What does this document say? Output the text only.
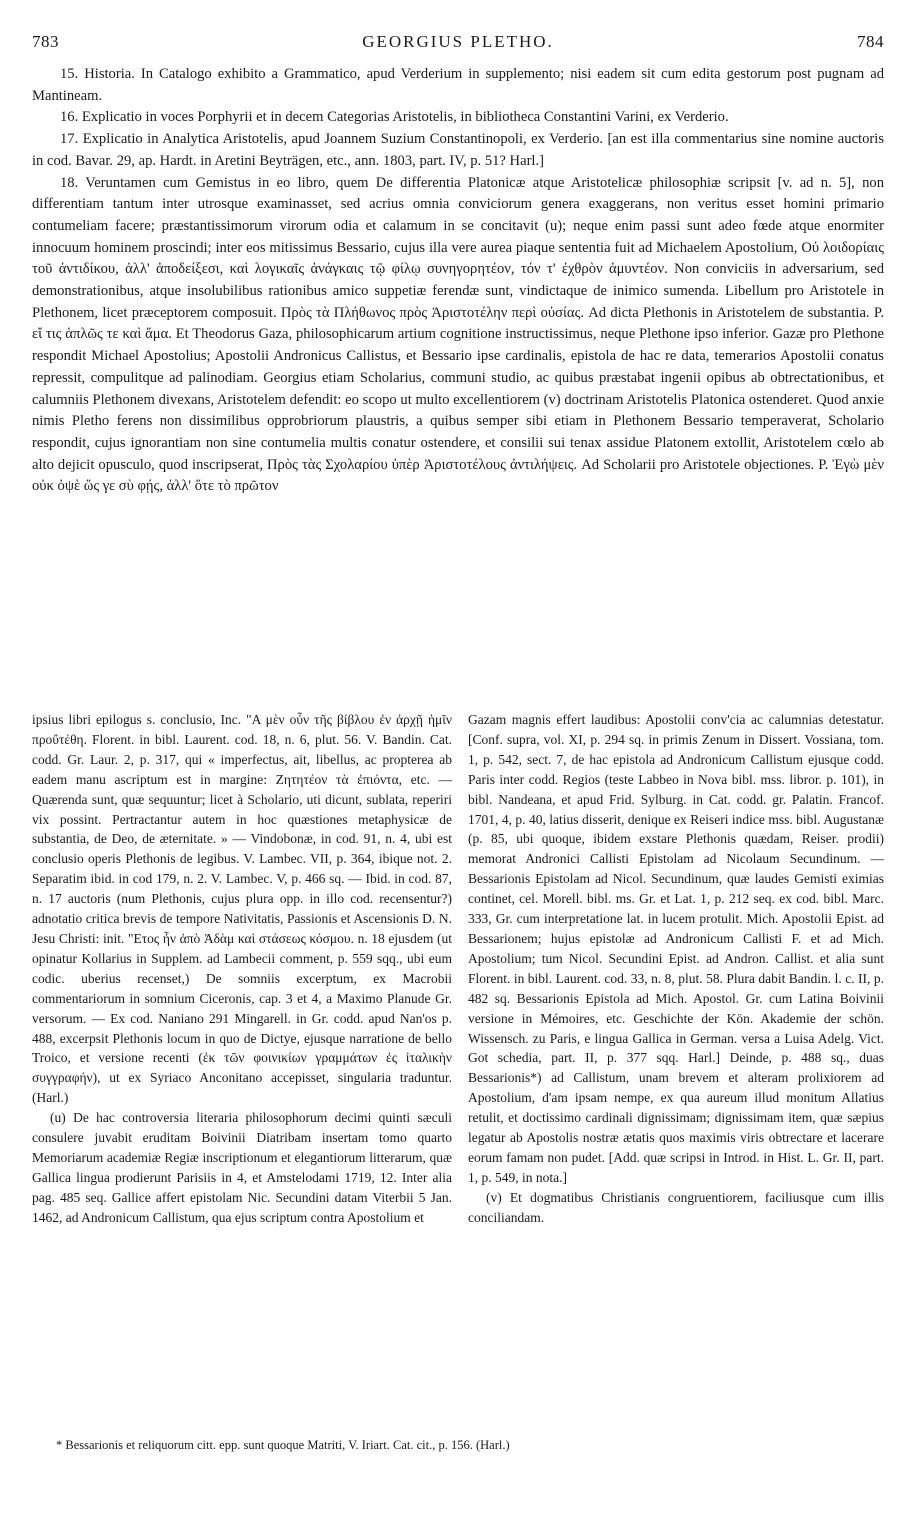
783	GEORGIUS PLETHO.	784

15. Historia. In Catalogo exhibito a Grammatico, apud Verderium in supplemento; nisi eadem sit cum edita gestorum post pugnam ad Mantineam.

16. Explicatio in voces Porphyrii et in decem Categorias Aristotelis, in bibliotheca Constantini Varini, ex Verderio.

17. Explicatio in Analytica Aristotelis, apud Joannem Suzium Constantinopoli, ex Verderio. [an est illa commentarius sine nomine auctoris in cod. Bavar. 29, ap. Hardt. in Aretini Beyträgen, etc., ann. 1803, part. IV, p. 51? Harl.]

18. Veruntamen cum Gemistus in eo libro, quem De differentia Platonicæ atque Aristotelicæ philosophiæ scripsit [v. ad n. 5], non differentiam tantum inter utrosque examinasset, sed acrius omnia conviciorum genera exaggerans, non veritus esset homini primario contumeliam facere; præstantissimorum virorum odia et calamum in se concitavit (u); neque enim passi sunt adeo fœde atque enormiter innocuum hominem proscindi; inter eos mitissimus Bessario, cujus illa vere aurea piaque sententia fuit ad Michaelem Apostolium, Οὐ λοιδορίαις τοῦ ἀντιδίκου, ἀλλ' ἀποδείξεσι, καὶ λογικαῖς ἀνάγκαις τῷ φίλῳ συνηγορητέον, τόν τ' ἐχθρὸν ἀμυντέον. Non conviciis in adversarium, sed demonstrationibus, atque insolubilibus rationibus amico suppetiæ ferendæ sunt, vindictaque de inimico sumenda. Libellum pro Aristotele in Plethonem, licet præceptorem composuit. Πρὸς τὰ Πλήθωνος πρὸς Ἀριστοτέλην περὶ οὐσίας. Ad dicta Plethonis in Aristotelem de substantia. P. εἴ τις ἁπλῶς τε καὶ ἅμα. Et Theodorus Gaza, philosophicarum artium cognitione instructissimus, neque Plethone ipso inferior. Gazæ pro Plethone respondit Michael Apostolius; Apostolii Andronicus Callistus, et Bessario ipse cardinalis, epistola de hac re data, temerarios Apostolii conatus repressit, compulitque ad palinodiam. Georgius etiam Scholarius, communi studio, ac quibus præstabat ingenii opibus ab obtrectationibus, et calumniis Plethonem divexans, Aristotelem defendit: eo scopo ut multo excellentiorem (v) doctrinam Aristotelis Platonica ostenderet. Quod anxie nimis Pletho ferens non dissimilibus opprobriorum plaustris, a quibus semper sibi etiam in Plethonem Bessario temperaverat, Scholario respondit, cujus ignorantiam non sine contumelia multis conatur ostendere, et consilii sui tenax assidue Platonem extollit, Aristotelem cœlo ab alto dejicit opusculo, quod inscripserat, Πρὸς τὰς Σχολαρίου ὑπὲρ Ἀριστοτέλους ἀντιλήψεις. Ad Scholarii pro Aristotele objectiones. P. Ἐγὼ μὲν οὐκ ὀψὲ ὥς γε σὺ φῄς, ἀλλ' ὅτε τὸ πρῶτον

ipsius libri epilogus s. conclusio, Inc. "Α μὲν οὖν τῆς βίβλου ἐν ἀρχῇ ἡμῖν προὔτέθη. Florent. in bibl. Laurent. cod. 18, n. 6, plut. 56. V. Bandin. Cat. codd. Gr. Laur. 2, p. 317, qui « imperfectus, ait, libellus, ac propterea ab eadem manu ascriptum est in margine: Ζητητέον τὰ ἐπιόντα, etc. — Quærenda sunt, quæ sequuntur; licet à Scholario, uti dicunt, sublata, reperiri vix possint. Pertractantur autem in hoc quæstiones metaphysicæ de substantia, de Deo, de æternitate. » — Vindobonæ, in cod. 91, n. 4, ubi est conclusio operis Plethonis de legibus. V. Lambec. VII, p. 364, ibique not. 2. Separatim ibid. in cod 179, n. 2. V. Lambec. V, p. 466 sq. — Ibid. in cod. 87, n. 17 auctoris (num Plethonis, cujus plura opp. in illo cod. recensentur?) adnotatio critica brevis de tempore Nativitatis, Passionis et Ascensionis D. N. Jesu Christi: init. "Ετος ἦν ἀπὸ Ἀδὰμ καὶ στάσεως κόσμου. n. 18 ejusdem (ut opinatur Kollarius in Supplem. ad Lambecii comment, p. 559 sqq., ubi eum codic. uberius recenset,) De somniis excerptum, ex Macrobii commentariorum in somnium Ciceronis, cap. 3 et 4, a Maximo Planude Gr. versorum. — Ex cod. Naniano 291 Mingarell. in Gr. codd. apud Nan'os p. 488, excerpsit Plethonis locum in quo de Dictye, ejusque narratione de bello Troico, et versione recenti (ἐκ τῶν φοινικίων γραμμάτων ἐς ἰταλικὴν συγγραφήν), ut ex Syriaco Anconitano accepisset, singularia traduntur. (Harl.)

(u) De hac controversia literaria philosophorum decimi quinti sæculi consulere juvabit eruditam Boivinii Diatribam insertam tomo quarto Memoriarum academiæ Regiæ inscriptionum et elegantiorum litterarum, quæ Gallica lingua prodierunt Parisiis in 4, et Amstelodami 1719, 12. Inter alia pag. 485 seq. Gallice affert epistolam Nic. Secundini datam Viterbii 5 Jan. 1462, ad Andronicum Callistum, qua ejus scriptum contra Apostolium et

Gazam magnis effert laudibus: Apostolii conv'cia ac calumnias detestatur. [Conf. supra, vol. XI, p. 294 sq. in primis Zenum in Dissert. Vossiana, tom. 1, p. 542, sect. 7, de hac epistola ad Andronicum Callistum ejusque codd. Paris inter codd. Regios (teste Labbeo in Nova bibl. mss. libror. p. 101), in bibl. Nandeana, et apud Frid. Sylburg. in Cat. codd. gr. Palatin. Francof. 1701, 4, p. 40, latius disserit, denique ex Reiseri indice mss. bibl. Augustanæ (p. 85, ubi quoque, ibidem exstare Plethonis quædam, Reiser. prodii) memorat Andronici Callisti Epistolam ad Nicolaum Secundinum. — Bessarionis Epistolam ad Nicol. Secundinum, quæ laudes Gemisti eximias continet, cel. Morell. bibl. ms. Gr. et Lat. 1, p. 212 seq. ex cod. bibl. Marc. 333, Gr. cum interpretatione lat. in lucem protulit. Mich. Apostolii Epist. ad Bessarionem; hujus epistolæ ad Andronicum Callisti F. et ad Mich. Apostolium; tum Nicol. Secundini Epist. ad Andron. Callist. et alia sunt Florent. in bibl. Laurent. cod. 33, n. 8, plut. 58. Plura dabit Bandin. l. c. II, p. 482 sq. Bessarionis Epistola ad Mich. Apostol. Gr. cum Latina Boivinii versione in Mémoires, etc. Geschichte der Kön. Akademie der schön. Wissensch. zu Paris, e lingua Gallica in German. versa a Luisa Adelg. Vict. Got schedia, part. II, p. 377 sqq. Harl.] Deinde, p. 488 sq., duas Bessarionis*) ad Callistum, unam brevem et alteram prolixiorem ad Apostolium, d'am ipsam nempe, ex qua aureum illud monitum Allatius retulit, et doctissimo cardinali dignissimam; dignissimam item, quæ sæpius legatur ab Apostolis nostræ ætatis quos maximis viris obtrectare et lacerare eorum famam non pudet. [Add. quæ scripsi in Introd. in Hist. L. Gr. II, part. 1, p. 549, in nota.]

(v) Et dogmatibus Christianis congruentiorem, faciliusque cum illis conciliandam.

* Bessarionis et reliquorum citt. epp. sunt quoque Matriti, V. Iriart. Cat. cit., p. 156. (Harl.)
